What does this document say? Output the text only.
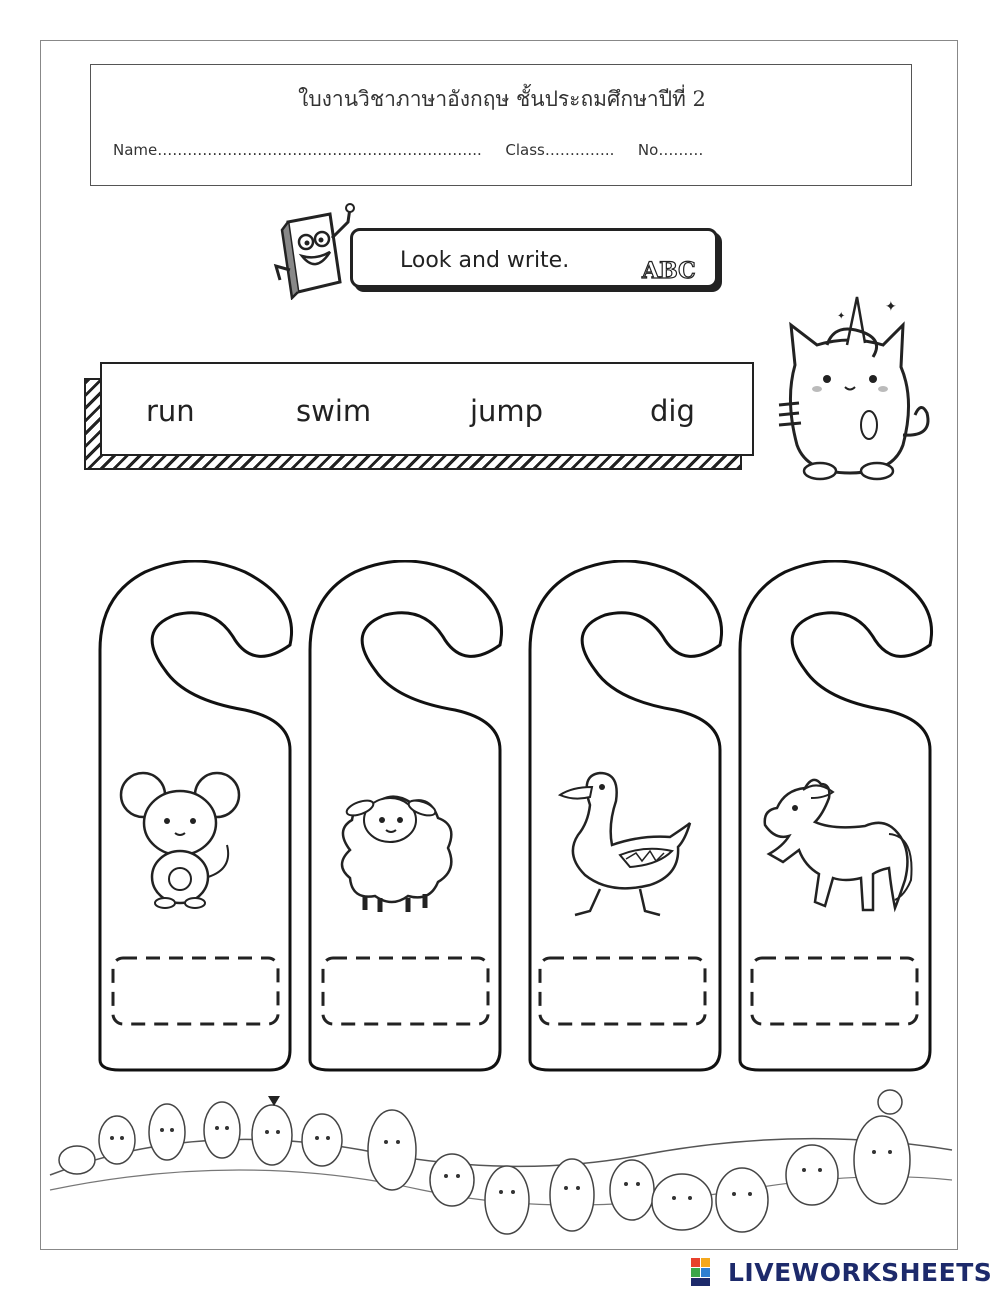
ใบงานวิชาภาษาอังกฤษ ชั้นประถมศึกษาปีที่ 2
Name……………………………………………………….. Class………….. No………
Look and write.	ABC
run	swim	jump	dig
✦
✦
LIVEWORKSHEETS
